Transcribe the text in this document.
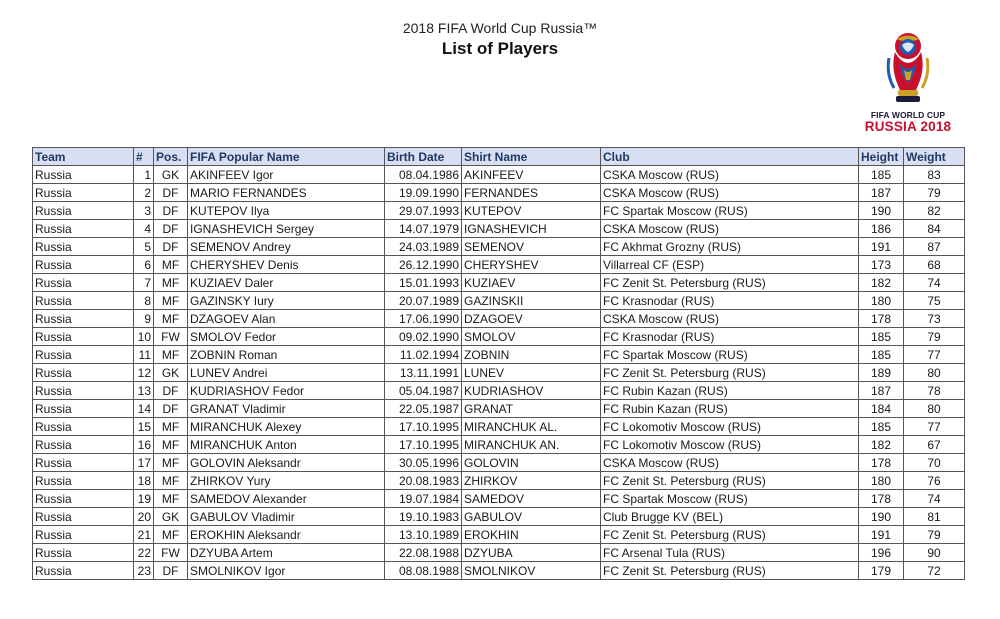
2018 FIFA World Cup Russia™
List of Players
FIFA WORLD CUP
RUSSIA 2018
Team	#	Pos.	FIFA Popular Name	Birth Date	Shirt Name	Club	Height	Weight
Russia	1	GK	AKINFEEV Igor	08.04.1986	AKINFEEV	CSKA Moscow (RUS)	185	83
Russia	2	DF	MARIO FERNANDES	19.09.1990	FERNANDES	CSKA Moscow (RUS)	187	79
Russia	3	DF	KUTEPOV Ilya	29.07.1993	KUTEPOV	FC Spartak Moscow (RUS)	190	82
Russia	4	DF	IGNASHEVICH Sergey	14.07.1979	IGNASHEVICH	CSKA Moscow (RUS)	186	84
Russia	5	DF	SEMENOV Andrey	24.03.1989	SEMENOV	FC Akhmat Grozny (RUS)	191	87
Russia	6	MF	CHERYSHEV Denis	26.12.1990	CHERYSHEV	Villarreal CF (ESP)	173	68
Russia	7	MF	KUZIAEV Daler	15.01.1993	KUZIAEV	FC Zenit St. Petersburg (RUS)	182	74
Russia	8	MF	GAZINSKY Iury	20.07.1989	GAZINSKII	FC Krasnodar (RUS)	180	75
Russia	9	MF	DZAGOEV Alan	17.06.1990	DZAGOEV	CSKA Moscow (RUS)	178	73
Russia	10	FW	SMOLOV Fedor	09.02.1990	SMOLOV	FC Krasnodar (RUS)	185	79
Russia	11	MF	ZOBNIN Roman	11.02.1994	ZOBNIN	FC Spartak Moscow (RUS)	185	77
Russia	12	GK	LUNEV Andrei	13.11.1991	LUNEV	FC Zenit St. Petersburg (RUS)	189	80
Russia	13	DF	KUDRIASHOV Fedor	05.04.1987	KUDRIASHOV	FC Rubin Kazan (RUS)	187	78
Russia	14	DF	GRANAT Vladimir	22.05.1987	GRANAT	FC Rubin Kazan (RUS)	184	80
Russia	15	MF	MIRANCHUK Alexey	17.10.1995	MIRANCHUK AL.	FC Lokomotiv Moscow (RUS)	185	77
Russia	16	MF	MIRANCHUK Anton	17.10.1995	MIRANCHUK AN.	FC Lokomotiv Moscow (RUS)	182	67
Russia	17	MF	GOLOVIN Aleksandr	30.05.1996	GOLOVIN	CSKA Moscow (RUS)	178	70
Russia	18	MF	ZHIRKOV Yury	20.08.1983	ZHIRKOV	FC Zenit St. Petersburg (RUS)	180	76
Russia	19	MF	SAMEDOV Alexander	19.07.1984	SAMEDOV	FC Spartak Moscow (RUS)	178	74
Russia	20	GK	GABULOV Vladimir	19.10.1983	GABULOV	Club Brugge KV (BEL)	190	81
Russia	21	MF	EROKHIN Aleksandr	13.10.1989	EROKHIN	FC Zenit St. Petersburg (RUS)	191	79
Russia	22	FW	DZYUBA Artem	22.08.1988	DZYUBA	FC Arsenal Tula (RUS)	196	90
Russia	23	DF	SMOLNIKOV Igor	08.08.1988	SMOLNIKOV	FC Zenit St. Petersburg (RUS)	179	72
